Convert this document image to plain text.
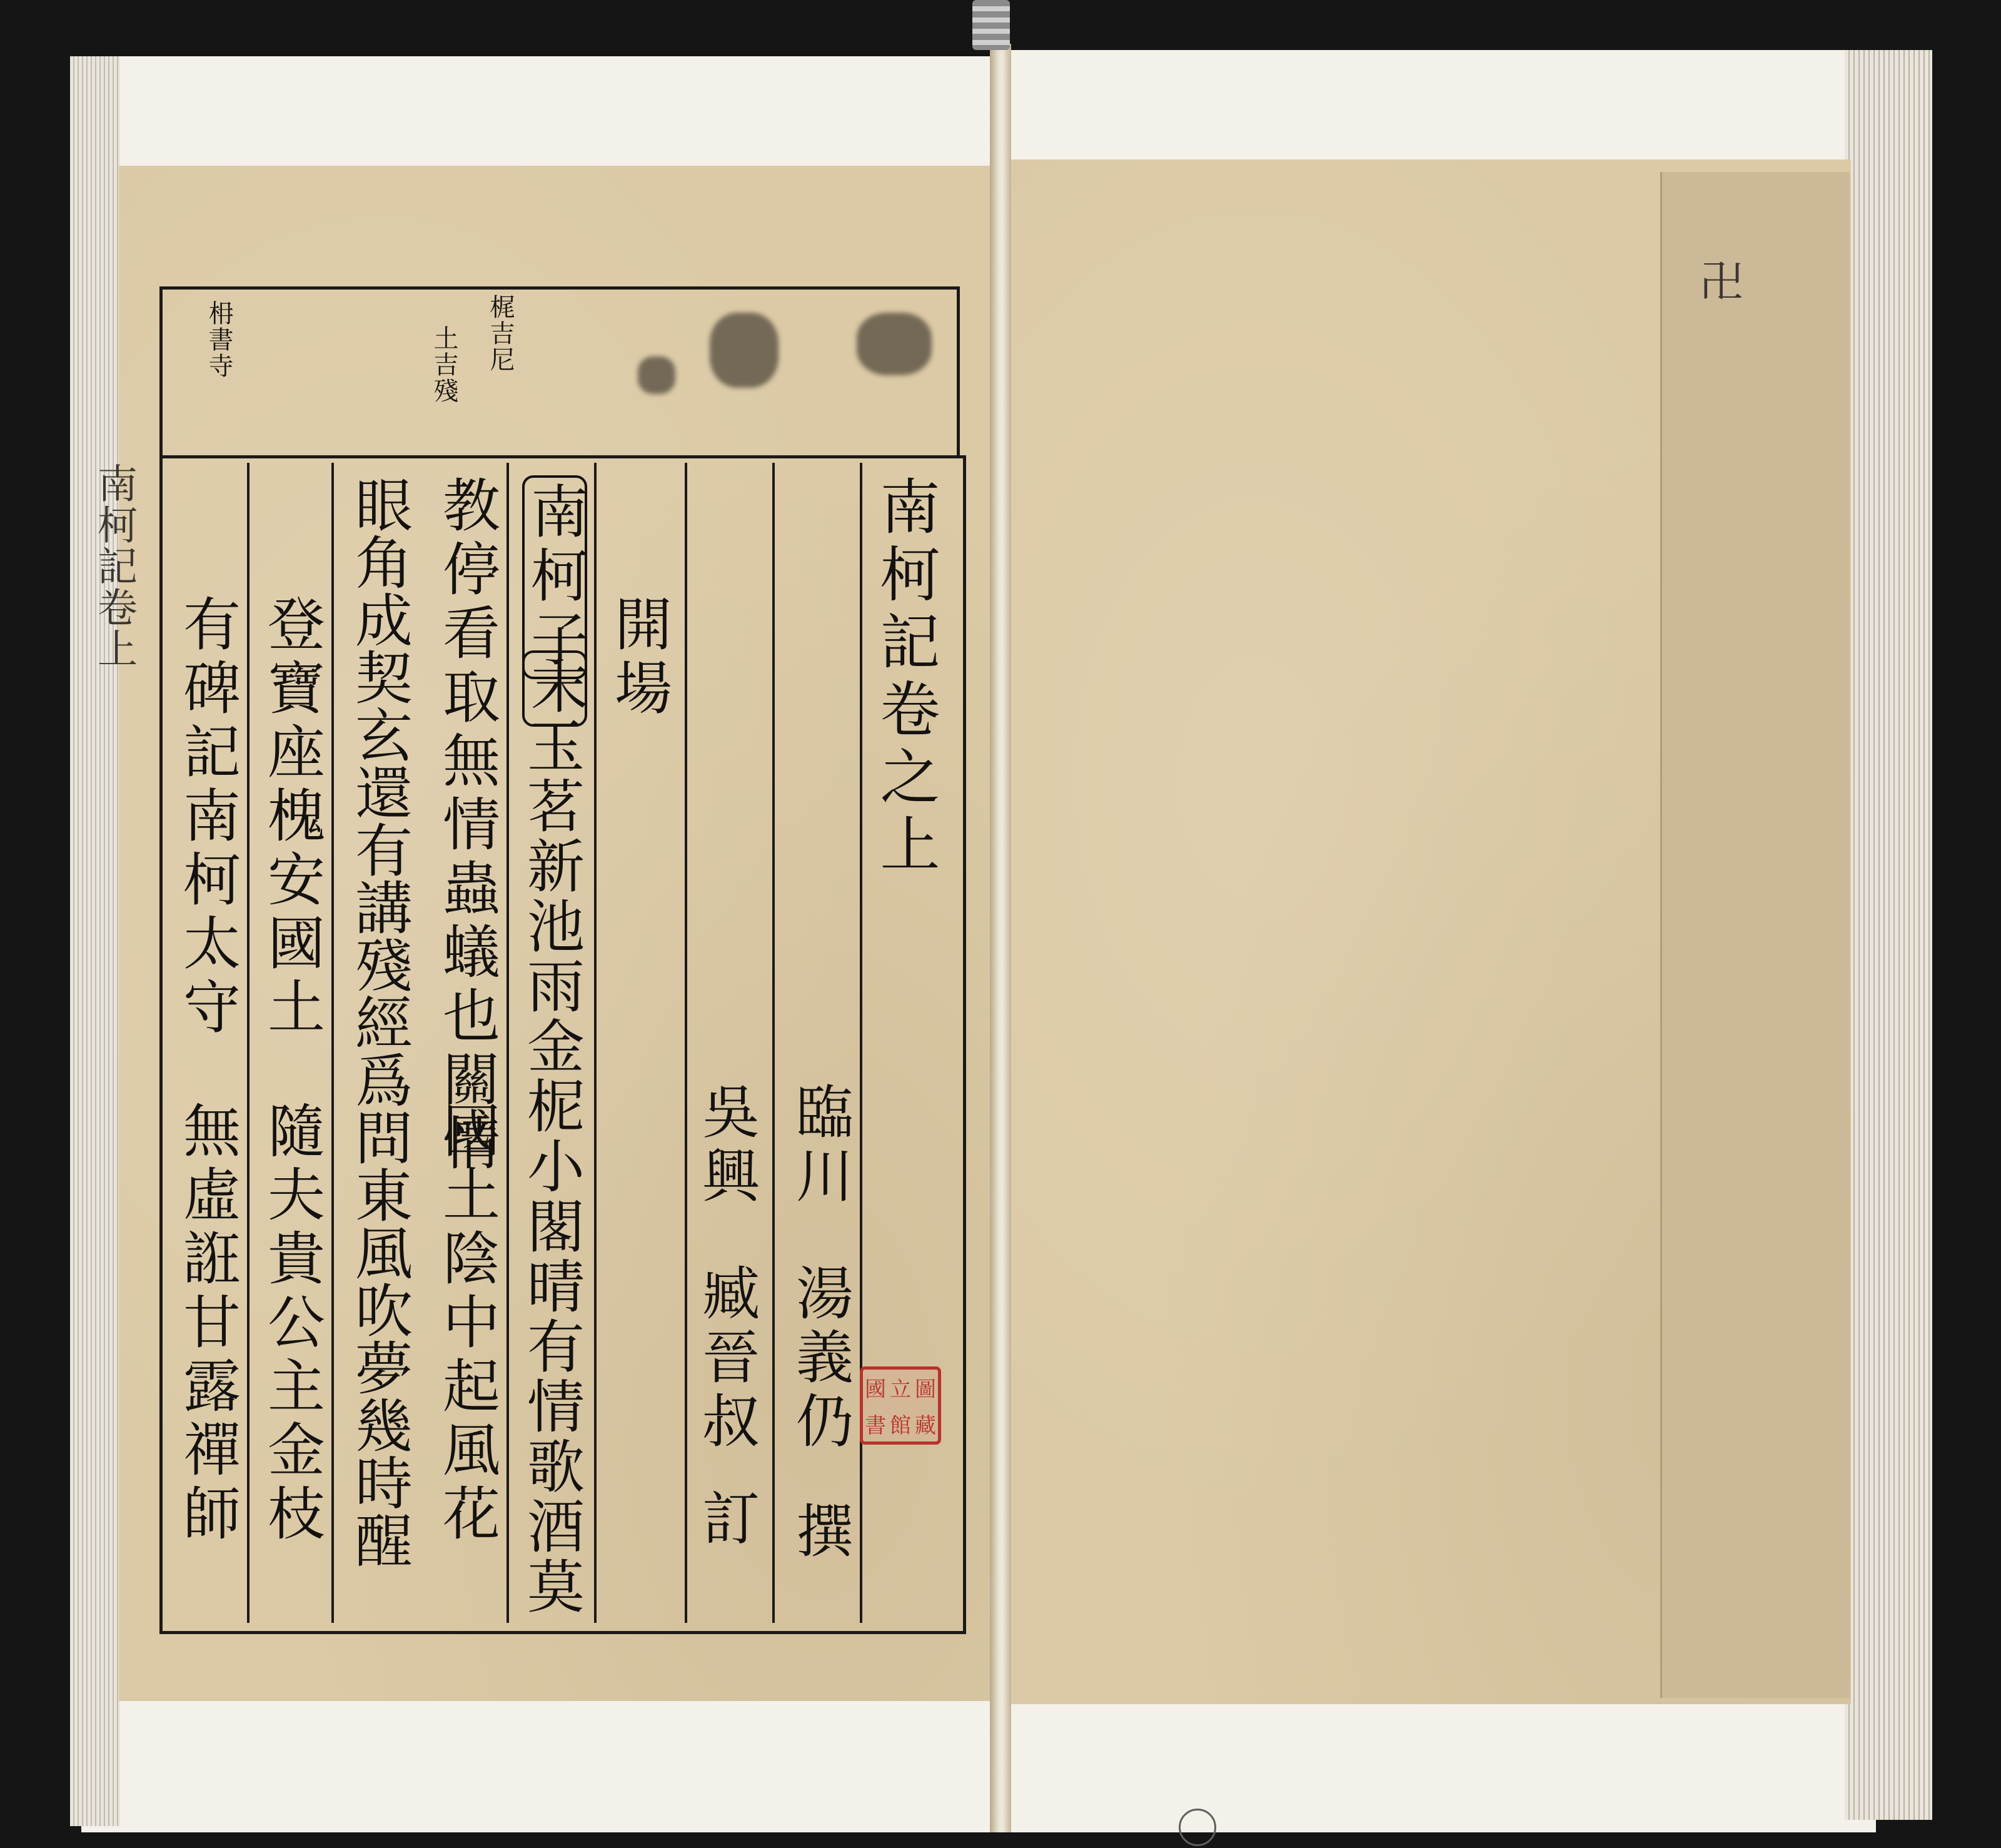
卍
枏書寺	梶吉尼
土吉殘
南柯記卷之上
臨川
湯義仍
撰
吳興
臧晉叔
訂
開場
南柯子
末
玉茗新池雨金柅小閣晴有情歌酒莫
教停看取無情蟲蟻也關情
國土陰中起風花
眼角成契玄還有講殘經爲問東風吹夢幾時醒
登寶座槐安國土
隨夫貴公主金枝
有碑記南柯太守
無虛誑甘露禪師
南柯記卷上
國 立 圖
書 館 藏
